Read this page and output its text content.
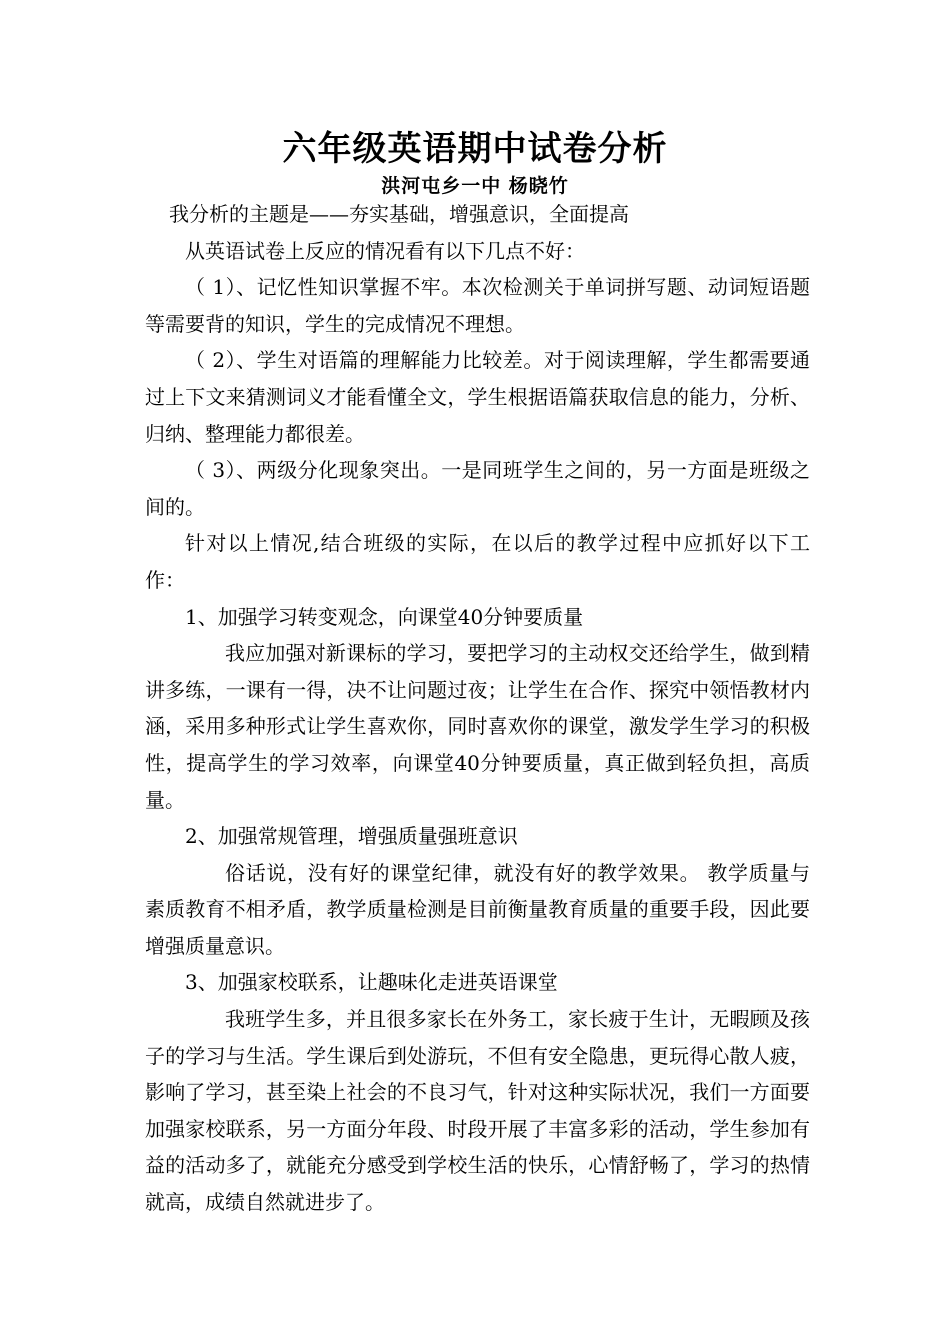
六年级英语期中试卷分析
洪河屯乡一中 杨晓竹

我分析的主题是——夯实基础，增强意识，全面提高

从英语试卷上反应的情况看有以下几点不好：

（ 1）、记忆性知识掌握不牢。本次检测关于单词拼写题、动词短语题等需要背的知识，学生的完成情况不理想。

（ 2）、学生对语篇的理解能力比较差。对于阅读理解，学生都需要通过上下文来猜测词义才能看懂全文，学生根据语篇获取信息的能力，分析、归纳、整理能力都很差。

（ 3）、两级分化现象突出。一是同班学生之间的，另一方面是班级之间的。

针对以上情况,结合班级的实际，在以后的教学过程中应抓好以下工作：

1、加强学习转变观念，向课堂40分钟要质量

我应加强对新课标的学习，要把学习的主动权交还给学生，做到精讲多练，一课有一得，决不让问题过夜；让学生在合作、探究中领悟教材内涵，采用多种形式让学生喜欢你，同时喜欢你的课堂，激发学生学习的积极性，提高学生的学习效率，向课堂40分钟要质量，真正做到轻负担，高质量。

2、加强常规管理，增强质量强班意识

俗话说，没有好的课堂纪律，就没有好的教学效果。 教学质量与素质教育不相矛盾，教学质量检测是目前衡量教育质量的重要手段，因此要增强质量意识。

3、加强家校联系，让趣味化走进英语课堂

我班学生多，并且很多家长在外务工，家长疲于生计，无暇顾及孩子的学习与生活。学生课后到处游玩，不但有安全隐患，更玩得心散人疲，影响了学习，甚至染上社会的不良习气，针对这种实际状况，我们一方面要加强家校联系，另一方面分年段、时段开展了丰富多彩的活动，学生参加有益的活动多了，就能充分感受到学校生活的快乐，心情舒畅了，学习的热情就高，成绩自然就进步了。
